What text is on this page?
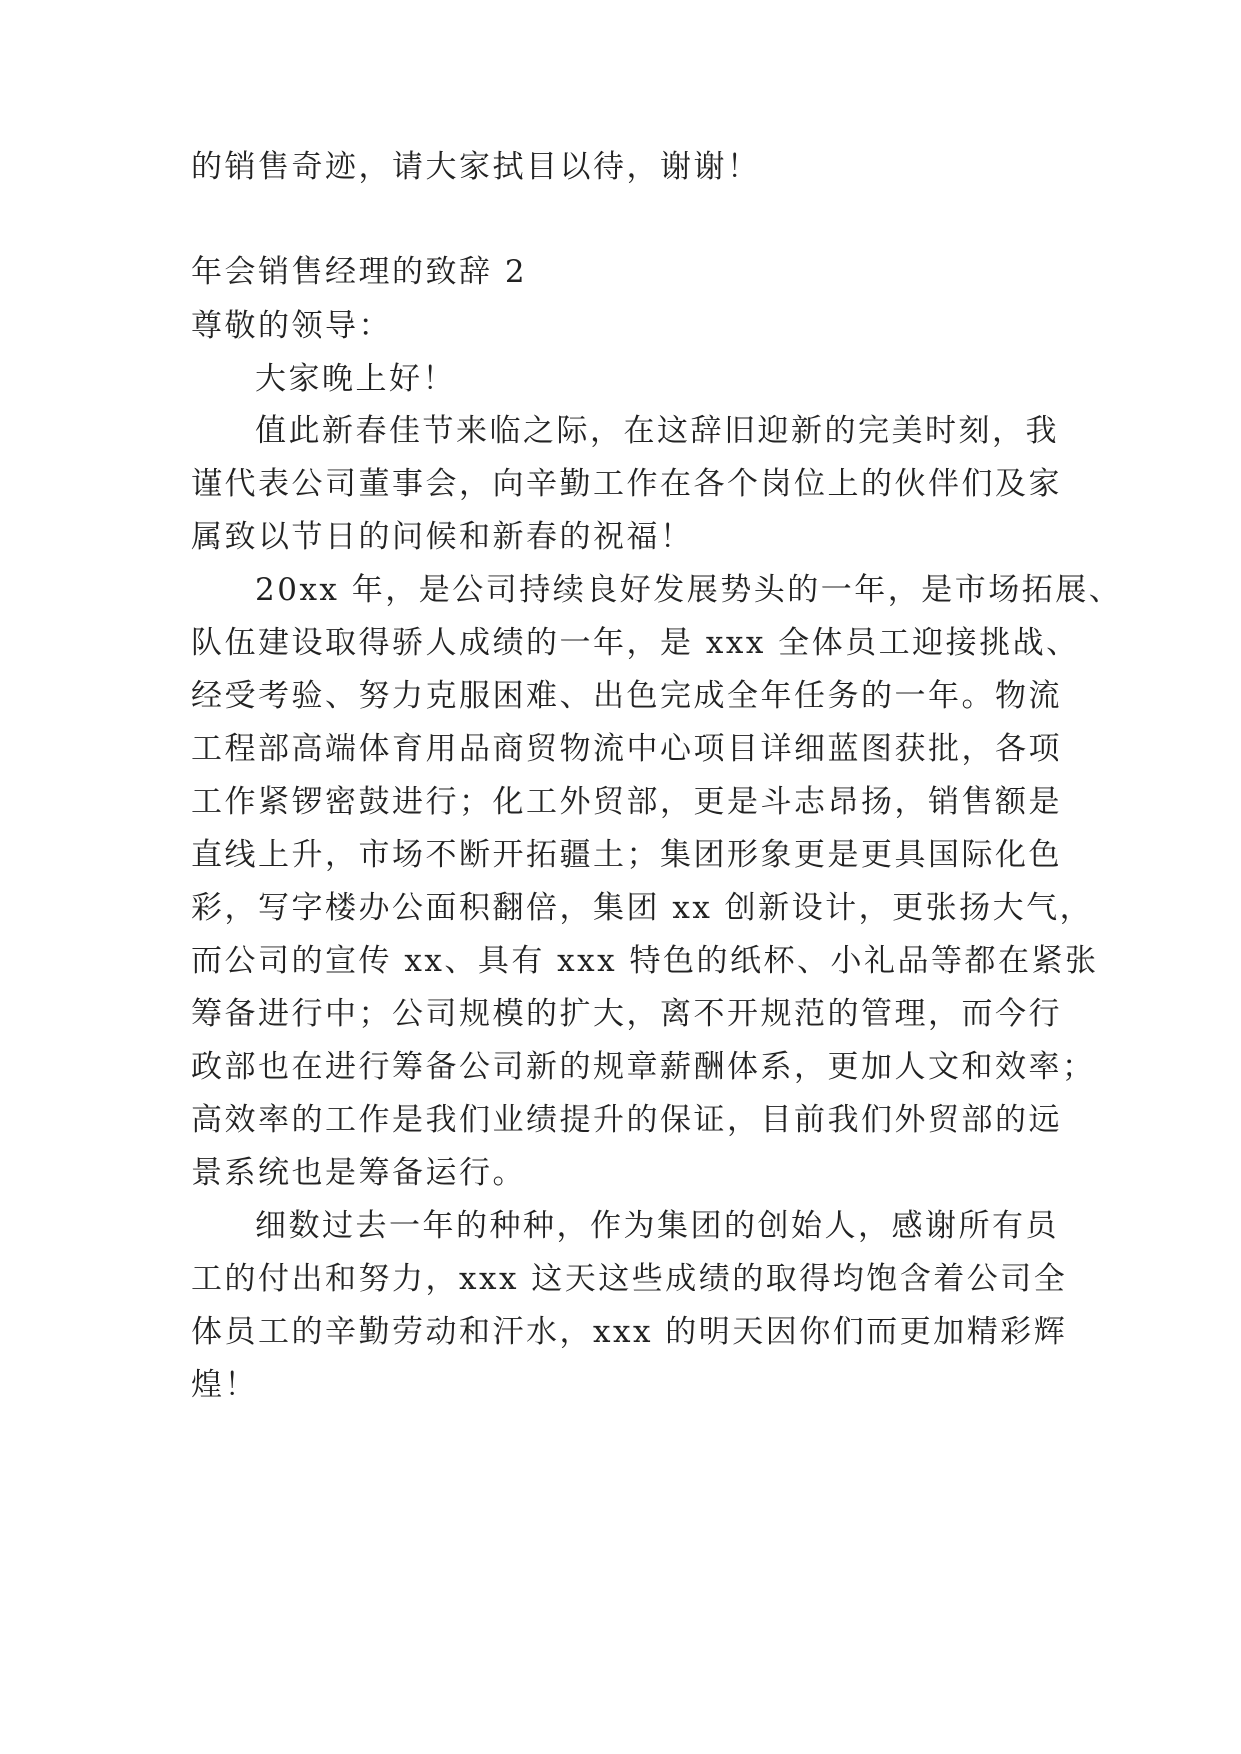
的销售奇迹，请大家拭目以待，谢谢！
年会销售经理的致辞 2
尊敬的领导：
大家晚上好！
值此新春佳节来临之际，在这辞旧迎新的完美时刻，我
谨代表公司董事会，向辛勤工作在各个岗位上的伙伴们及家
属致以节日的问候和新春的祝福！
20xx 年，是公司持续良好发展势头的一年，是市场拓展、
队伍建设取得骄人成绩的一年，是 xxx 全体员工迎接挑战、
经受考验、努力克服困难、出色完成全年任务的一年。物流
工程部高端体育用品商贸物流中心项目详细蓝图获批，各项
工作紧锣密鼓进行；化工外贸部，更是斗志昂扬，销售额是
直线上升，市场不断开拓疆土；集团形象更是更具国际化色
彩，写字楼办公面积翻倍，集团 xx 创新设计，更张扬大气，
而公司的宣传 xx、具有 xxx 特色的纸杯、小礼品等都在紧张
筹备进行中；公司规模的扩大，离不开规范的管理，而今行
政部也在进行筹备公司新的规章薪酬体系，更加人文和效率；
高效率的工作是我们业绩提升的保证，目前我们外贸部的远
景系统也是筹备运行。
细数过去一年的种种，作为集团的创始人，感谢所有员
工的付出和努力，xxx 这天这些成绩的取得均饱含着公司全
体员工的辛勤劳动和汗水，xxx 的明天因你们而更加精彩辉
煌！
